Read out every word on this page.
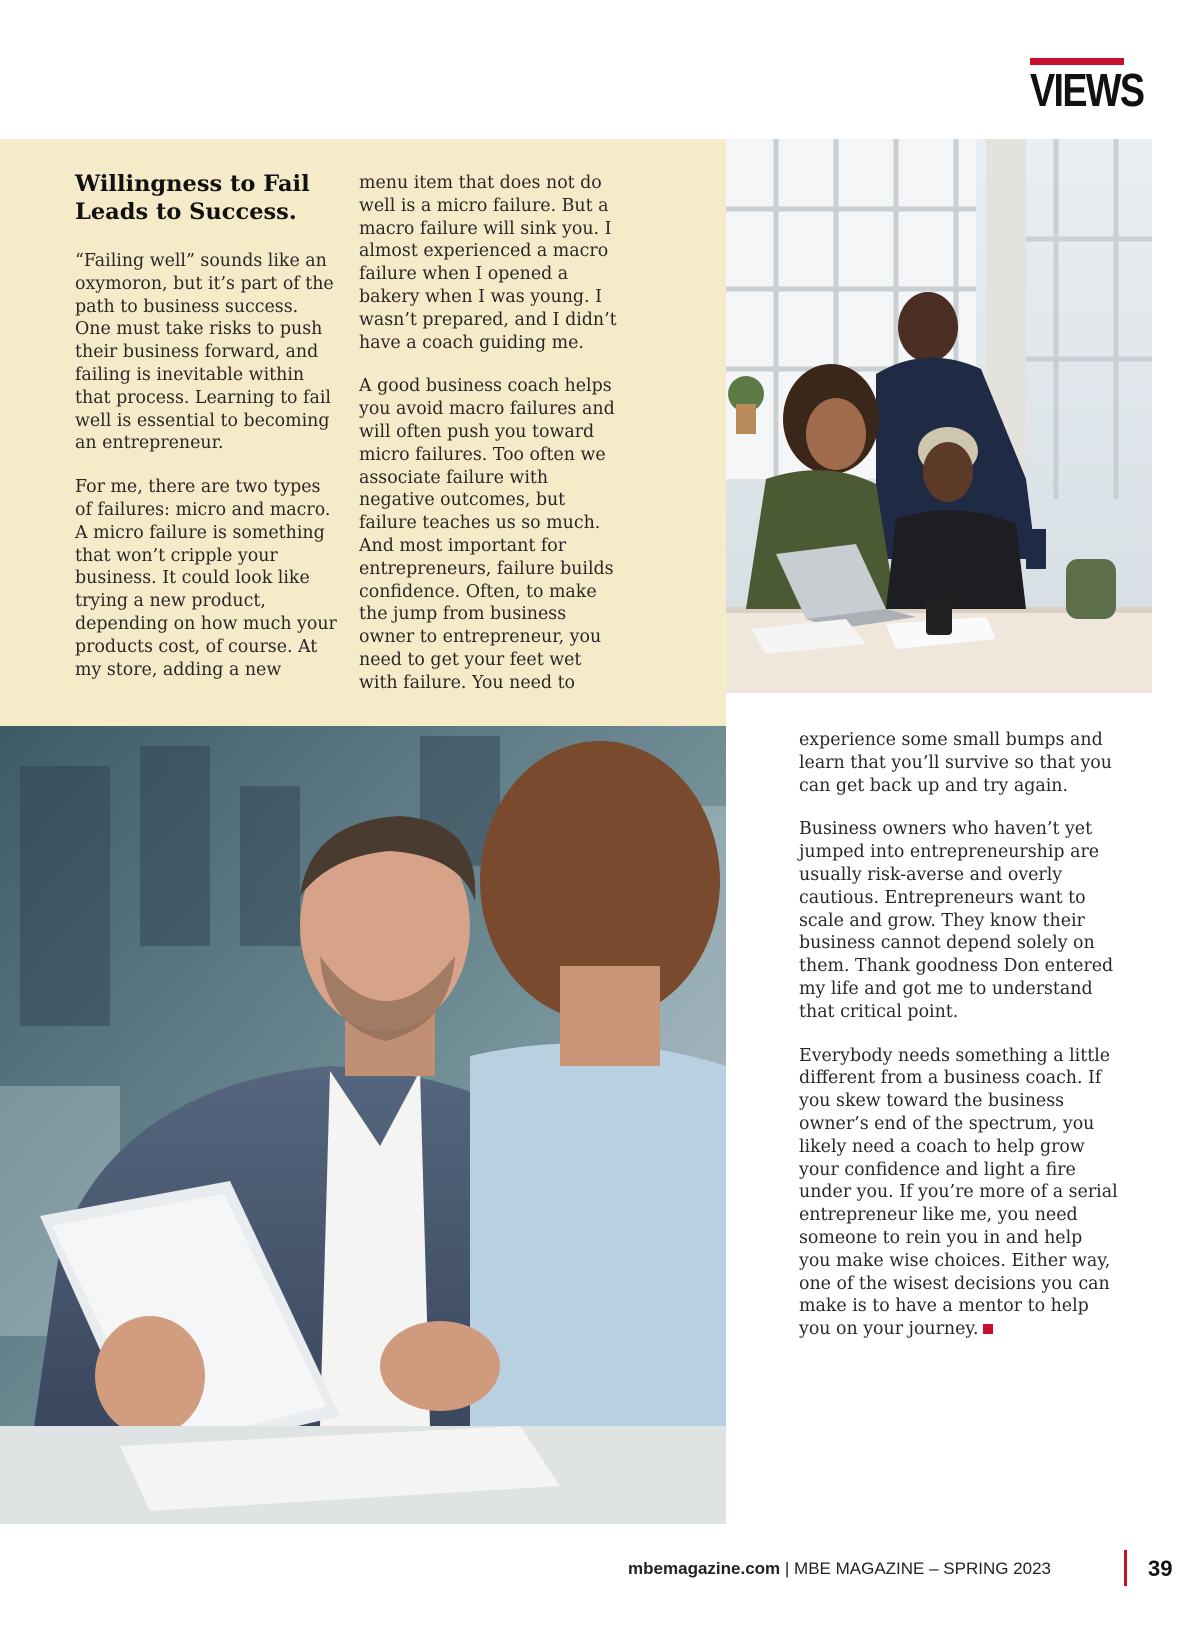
VIEWS
Willingness to Fail
Leads to Success.

“Failing well” sounds like an oxymoron, but it’s part of the path to business success. One must take risks to push their business forward, and failing is inevitable within that process. Learning to fail well is essential to becoming an entrepreneur.

For me, there are two types of failures: micro and macro. A micro failure is something that won’t cripple your business. It could look like trying a new product, depending on how much your products cost, of course. At my store, adding a new

menu item that does not do well is a micro failure. But a macro failure will sink you. I almost experienced a macro failure when I opened a bakery when I was young. I wasn’t prepared, and I didn’t have a coach guiding me.

A good business coach helps you avoid macro failures and will often push you toward micro failures. Too often we associate failure with negative outcomes, but failure teaches us so much. And most important for entrepreneurs, failure builds confidence. Often, to make the jump from business owner to entrepreneur, you need to get your feet wet with failure. You need to

experience some small bumps and learn that you’ll survive so that you can get back up and try again.

Business owners who haven’t yet jumped into entrepreneurship are usually risk-averse and overly cautious. Entrepreneurs want to scale and grow. They know their business cannot depend solely on them. Thank goodness Don entered my life and got me to understand that critical point.

Everybody needs something a little different from a business coach. If you skew toward the business owner’s end of the spectrum, you likely need a coach to help grow your confidence and light a fire under you. If you’re more of a serial entrepreneur like me, you need someone to rein you in and help you make wise choices. Either way, one of the wisest decisions you can make is to have a mentor to help you on your journey.

mbemagazine.com | MBE MAGAZINE – SPRING 2023	39
